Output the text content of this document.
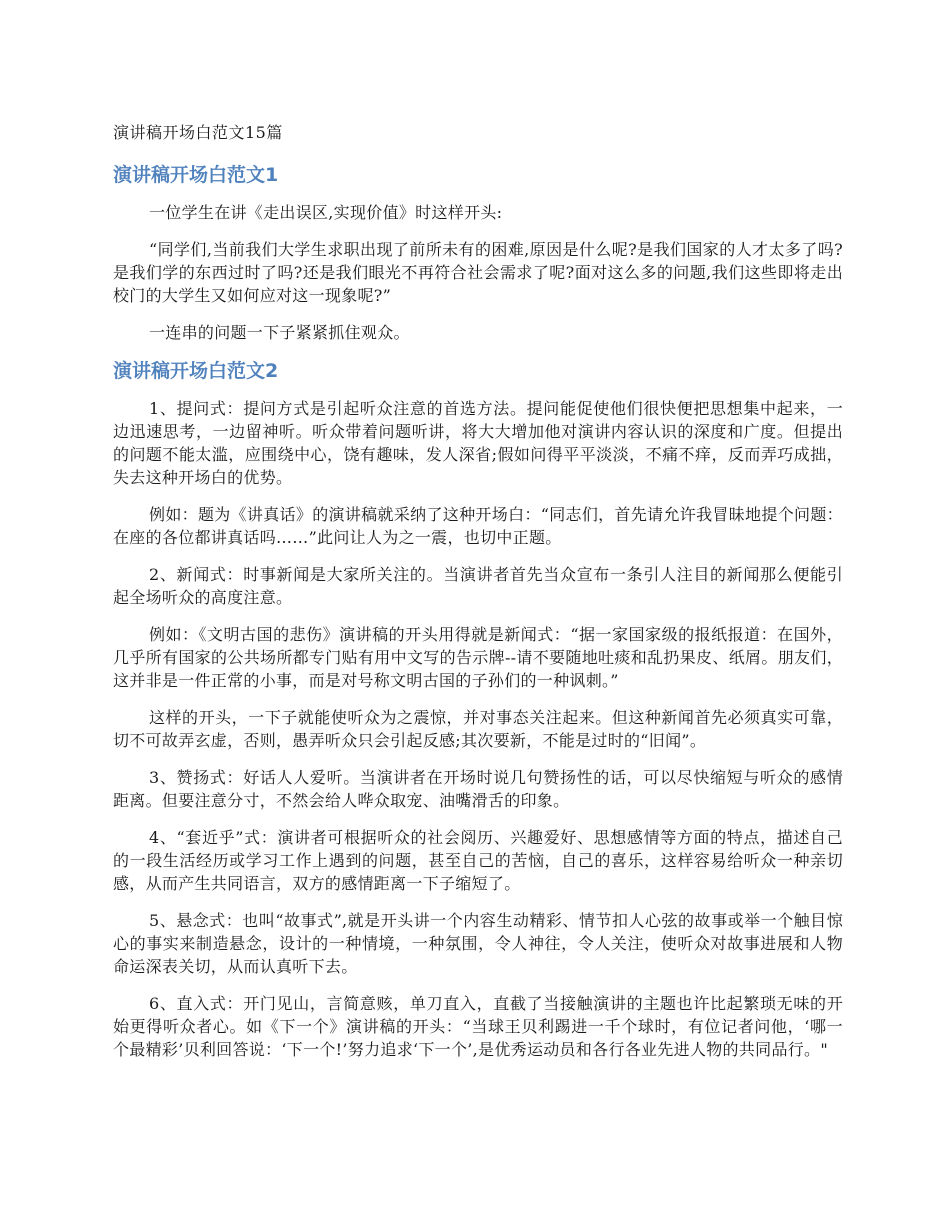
演讲稿开场白范文15篇
演讲稿开场白范文1

一位学生在讲《走出误区,实现价值》时这样开头:

“同学们,当前我们大学生求职出现了前所未有的困难,原因是什么呢?是我们国家的人才太多了吗?是我们学的东西过时了吗?还是我们眼光不再符合社会需求了呢?面对这么多的问题,我们这些即将走出校门的大学生又如何应对这一现象呢?”

一连串的问题一下子紧紧抓住观众。

演讲稿开场白范文2

1、提问式：提问方式是引起听众注意的首选方法。提问能促使他们很快便把思想集中起来，一边迅速思考，一边留神听。听众带着问题听讲，将大大增加他对演讲内容认识的深度和广度。但提出的问题不能太滥，应围绕中心，饶有趣味，发人深省;假如问得平平淡淡，不痛不痒，反而弄巧成拙，失去这种开场白的优势。

例如：题为《讲真话》的演讲稿就采纳了这种开场白：“同志们，首先请允许我冒昧地提个问题：在座的各位都讲真话吗……”此问让人为之一震，也切中正题。

2、新闻式：时事新闻是大家所关注的。当演讲者首先当众宣布一条引人注目的新闻那么便能引起全场听众的高度注意。

例如：《文明古国的悲伤》演讲稿的开头用得就是新闻式：“据一家国家级的报纸报道：在国外，几乎所有国家的公共场所都专门贴有用中文写的告示牌--请不要随地吐痰和乱扔果皮、纸屑。朋友们，这并非是一件正常的小事，而是对号称文明古国的子孙们的一种讽刺。”

这样的开头，一下子就能使听众为之震惊，并对事态关注起来。但这种新闻首先必须真实可靠，切不可故弄玄虚，否则，愚弄听众只会引起反感;其次要新，不能是过时的“旧闻”。

3、赞扬式：好话人人爱听。当演讲者在开场时说几句赞扬性的话，可以尽快缩短与听众的感情距离。但要注意分寸，不然会给人哗众取宠、油嘴滑舌的印象。

4、“套近乎”式：演讲者可根据听众的社会阅历、兴趣爱好、思想感情等方面的特点，描述自己的一段生活经历或学习工作上遇到的问题，甚至自己的苦恼，自己的喜乐，这样容易给听众一种亲切感，从而产生共同语言，双方的感情距离一下子缩短了。

5、悬念式：也叫“故事式”,就是开头讲一个内容生动精彩、情节扣人心弦的故事或举一个触目惊心的事实来制造悬念，设计的一种情境，一种氛围，令人神往，令人关注，使听众对故事进展和人物命运深表关切，从而认真听下去。

6、直入式：开门见山，言简意赅，单刀直入，直截了当接触演讲的主题也许比起繁琐无味的开始更得听众者心。如《下一个》演讲稿的开头：“当球王贝利踢进一千个球时，有位记者问他，‘哪一个最精彩’贝利回答说：‘下一个!’努力追求‘下一个’,是优秀运动员和各行各业先进人物的共同品行。"
